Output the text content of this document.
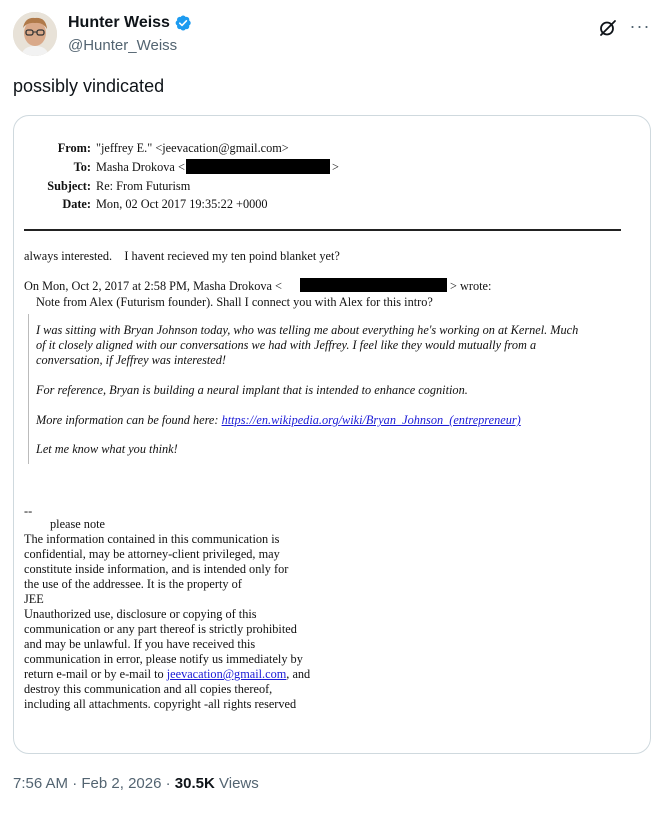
Hunter Weiss
@Hunter_Weiss
···
possibly vindicated
From: "jeffrey E." <jeevacation@gmail.com>
To: Masha Drokova <	>
Subject: Re: From Futurism
Date: Mon, 02 Oct 2017 19:35:22 +0000
always interested.    I havent recieved my ten poind blanket yet?
On Mon, Oct 2, 2017 at 2:58 PM, Masha Drokova <	> wrote:
Note from Alex (Futurism founder). Shall I connect you with Alex for this intro?
I was sitting with Bryan Johnson today, who was telling me about everything he's working on at Kernel. Much
of it closely aligned with our conversations we had with Jeffrey. I feel like they would mutually from a
conversation, if Jeffrey was interested!
For reference, Bryan is building a neural implant that is intended to enhance cognition.
More information can be found here: https://en.wikipedia.org/wiki/Bryan_Johnson_(entrepreneur)
Let me know what you think!
--
please note
The information contained in this communication is
confidential, may be attorney-client privileged, may
constitute inside information, and is intended only for
the use of the addressee. It is the property of
JEE
Unauthorized use, disclosure or copying of this
communication or any part thereof is strictly prohibited
and may be unlawful. If you have received this
communication in error, please notify us immediately by
return e-mail or by e-mail to jeevacation@gmail.com, and
destroy this communication and all copies thereof,
including all attachments. copyright -all rights reserved
7:56 AM · Feb 2, 2026 · 30.5K Views
